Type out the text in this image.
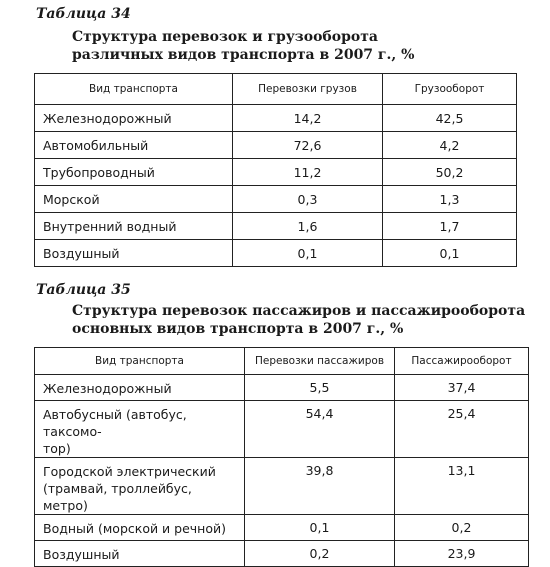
Таблица 34
Структура перевозок и грузооборота
различных видов транспорта в 2007 г., %
Вид транспорта	Перевозки грузов	Грузооборот
Железнодорожный	14,2	42,5
Автомобильный	72,6	4,2
Трубопроводный	11,2	50,2
Морской	0,3	1,3
Внутренний водный	1,6	1,7
Воздушный	0,1	0,1
Таблица 35
Структура перевозок пассажиров и пассажирооборота
основных видов транспорта в 2007 г., %
Вид транспорта	Перевозки пассажиров	Пассажирооборот

Железнодорожный	5,5	37,4

Автобусный (автобус, таксомо-
тор)	54,4	25,4

Городской электрический
(трамвай, троллейбус, метро)	39,8	13,1

Водный (морской и речной)	0,1	0,2

Воздушный	0,2	23,9
